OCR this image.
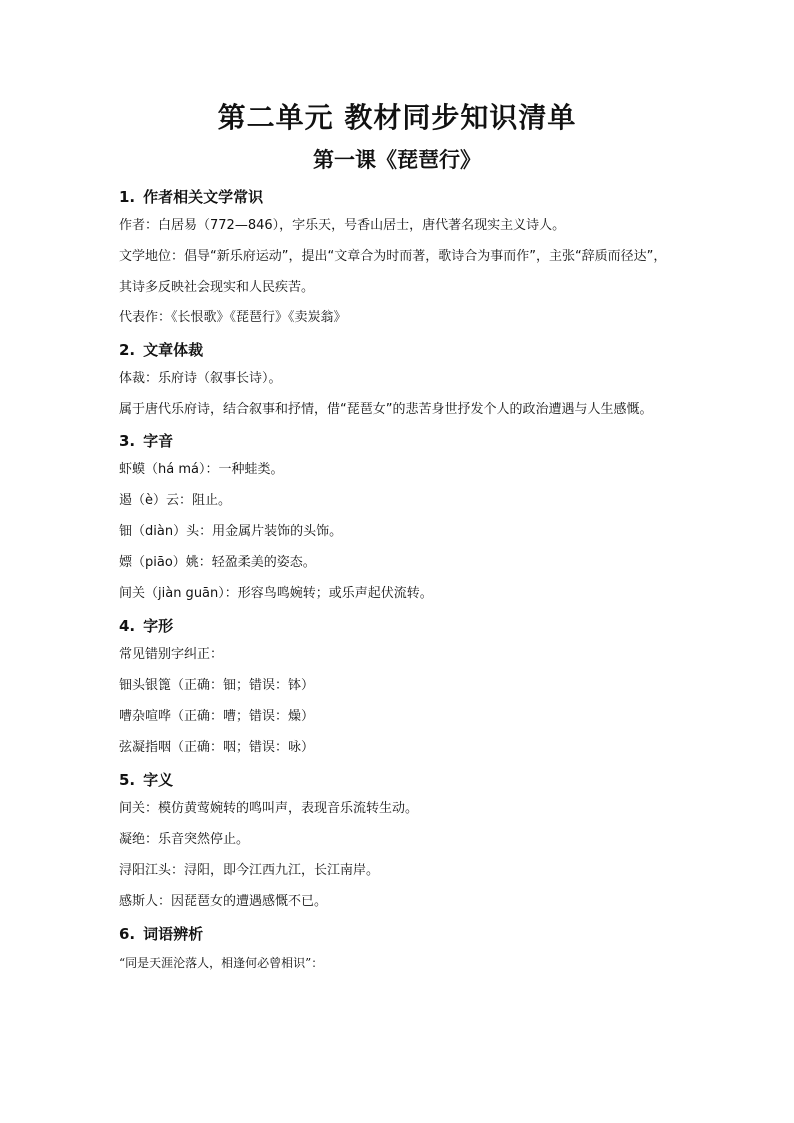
第二单元 教材同步知识清单
第一课《琵琶行》
1. 作者相关文学常识
作者：白居易（772—846），字乐天，号香山居士，唐代著名现实主义诗人。
文学地位：倡导“新乐府运动”，提出“文章合为时而著，歌诗合为事而作”，主张“辞质而径达”，其诗多反映社会现实和人民疾苦。
代表作：《长恨歌》《琵琶行》《卖炭翁》
2. 文章体裁
体裁：乐府诗（叙事长诗）。
属于唐代乐府诗，结合叙事和抒情，借“琵琶女”的悲苦身世抒发个人的政治遭遇与人生感慨。
3. 字音
虾蟆（há má）：一种蛙类。
遏（è）云：阻止。
钿（diàn）头：用金属片装饰的头饰。
嫖（piāo）姚：轻盈柔美的姿态。
间关（jiàn guān）：形容鸟鸣婉转；或乐声起伏流转。
4. 字形
常见错别字纠正：
钿头银篦（正确：钿；错误：钵）
嘈杂喧哗（正确：嘈；错误：燥）
弦凝指咽（正确：咽；错误：咏）
5. 字义
间关：模仿黄莺婉转的鸣叫声，表现音乐流转生动。
凝绝：乐音突然停止。
浔阳江头：浔阳，即今江西九江，长江南岸。
感斯人：因琵琶女的遭遇感慨不已。
6. 词语辨析
“同是天涯沦落人，相逢何必曾相识”：
